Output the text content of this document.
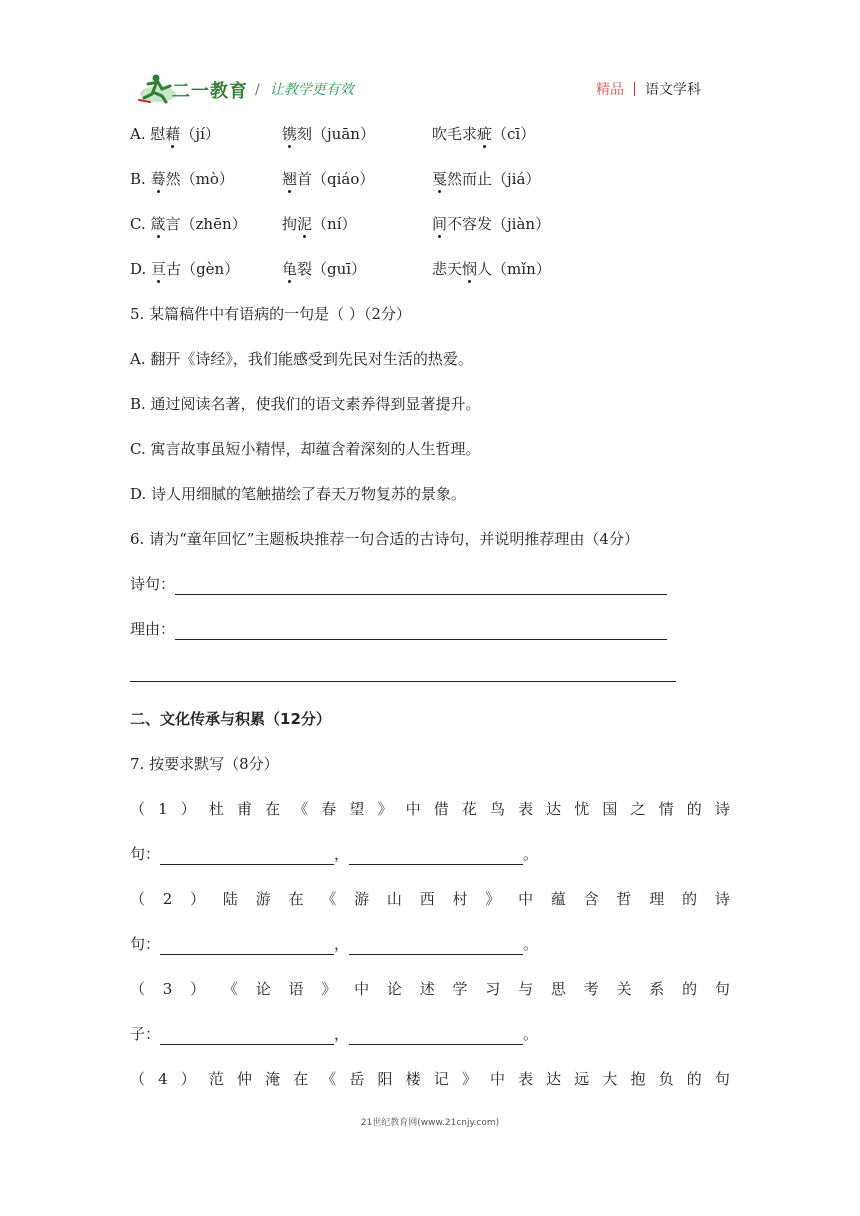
二一教育 / 让教学更有效	精品 语文学科
A. 慰藉（jí）	镌刻（juān）	吹毛求疵（cī）
B. 蓦然（mò）	翘首（qiáo）	戛然而止（jiá）
C. 箴言（zhēn） 拘泥（ní）	间不容发（jiàn）
D. 亘古（gèn）	龟裂（guī）	悲天悯人（mǐn）
5. 某篇稿件中有语病的一句是（ ）（2分）
A. 翻开《诗经》，我们能感受到先民对生活的热爱。
B. 通过阅读名著，使我们的语文素养得到显著提升。
C. 寓言故事虽短小精悍，却蕴含着深刻的人生哲理。
D. 诗人用细腻的笔触描绘了春天万物复苏的景象。
6. 请为“童年回忆”主题板块推荐一句合适的古诗句，并说明推荐理由（4分）
诗句：
理由：
二、文化传承与积累（12分）
7. 按要求默写（8分）
（ 1 ） 杜 甫 在 《 春 望 》 中 借 花 鸟 表 达 忧 国 之 情 的 诗
句：	，	。
（ 2 ） 陆 游 在 《 游 山 西 村 》 中 蕴 含 哲 理 的 诗
句：	，	。
（ 3 ） 《 论 语 》 中 论 述 学 习 与 思 考 关 系 的 句
子：	，	。
（ 4 ） 范 仲 淹 在 《 岳 阳 楼 记 》 中 表 达 远 大 抱 负 的 句
21世纪教育网(www.21cnjy.com)
